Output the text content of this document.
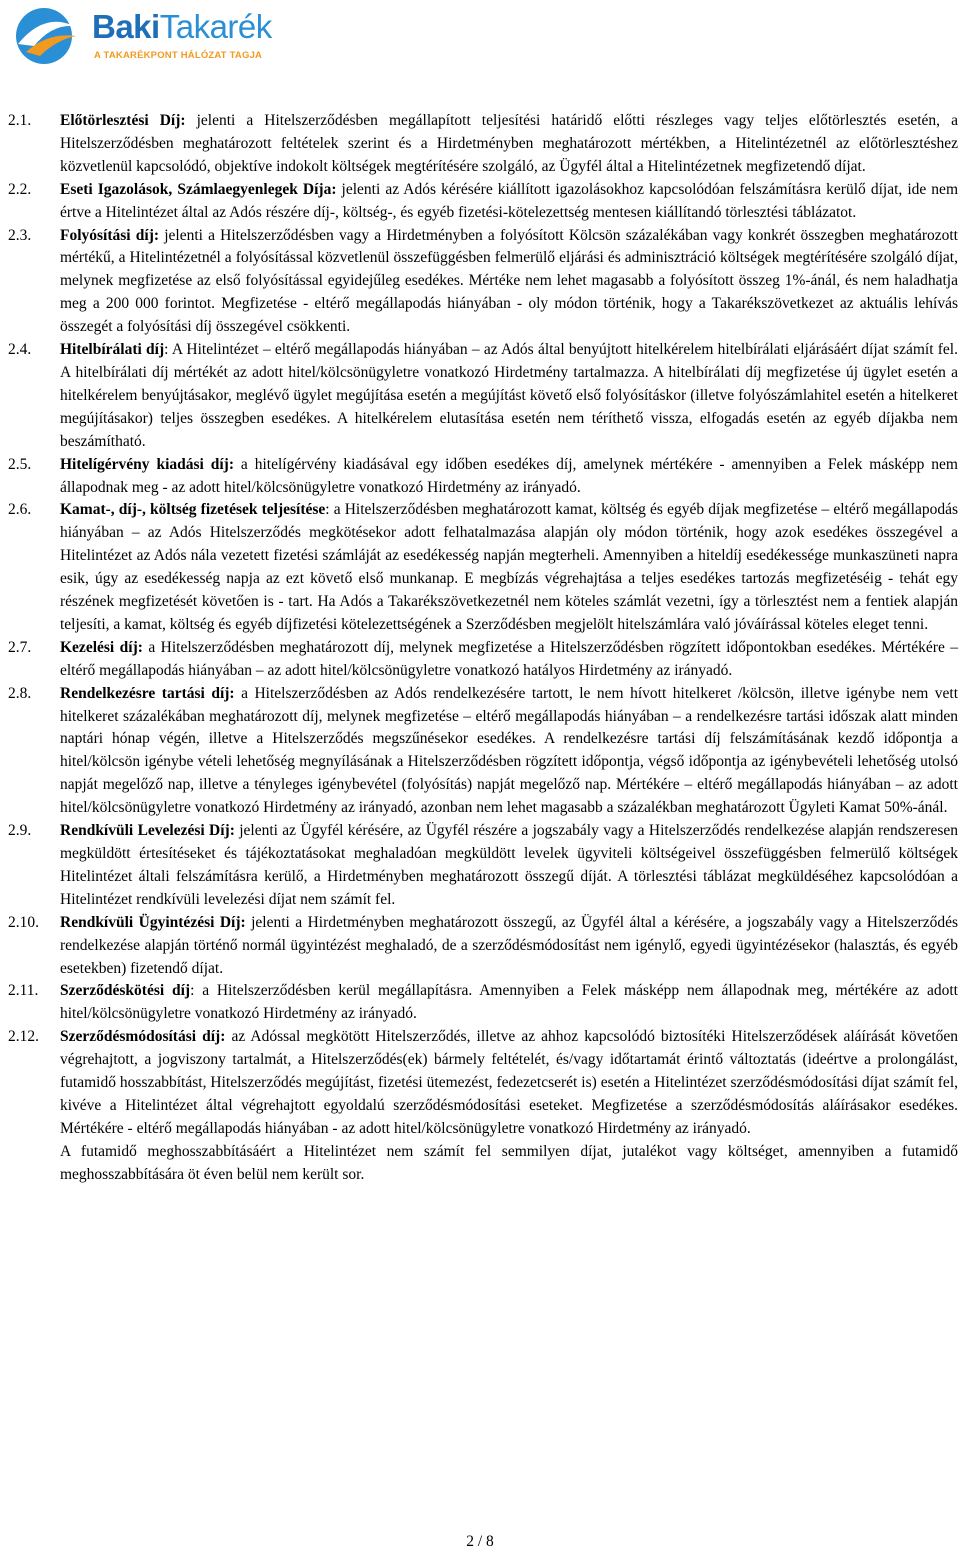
BakiTakarék
A TAKARÉKPONT HÁLÓZAT TAGJA
2.1.	Előtörlesztési Díj: jelenti a Hitelszerződésben megállapított teljesítési határidő előtti részleges vagy teljes előtörlesztés esetén, a Hitelszerződésben meghatározott feltételek szerint és a Hirdetményben meghatározott mértékben, a Hitelintézetnél az előtörlesztéshez közvetlenül kapcsolódó, objektíve indokolt költségek megtérítésére szolgáló, az Ügyfél által a Hitelintézetnek megfizetendő díjat.
2.2.	Eseti Igazolások, Számlaegyenlegek Díja: jelenti az Adós kérésére kiállított igazolásokhoz kapcsolódóan felszámításra kerülő díjat, ide nem értve a Hitelintézet által az Adós részére díj-, költség-, és egyéb fizetési-kötelezettség mentesen kiállítandó törlesztési táblázatot.
2.3.	Folyósítási díj: jelenti a Hitelszerződésben vagy a Hirdetményben a folyósított Kölcsön százalékában vagy konkrét összegben meghatározott mértékű, a Hitelintézetnél a folyósítással közvetlenül összefüggésben felmerülő eljárási és adminisztráció költségek megtérítésére szolgáló díjat, melynek megfizetése az első folyósítással egyidejűleg esedékes. Mértéke nem lehet magasabb a folyósított összeg 1%-ánál, és nem haladhatja meg a 200 000 forintot. Megfizetése - eltérő megállapodás hiányában - oly módon történik, hogy a Takarékszövetkezet az aktuális lehívás összegét a folyósítási díj összegével csökkenti.
2.4.	Hitelbírálati díj: A Hitelintézet – eltérő megállapodás hiányában – az Adós által benyújtott hitelkérelem hitelbírálati eljárásáért díjat számít fel. A hitelbírálati díj mértékét az adott hitel/kölcsönügyletre vonatkozó Hirdetmény tartalmazza. A hitelbírálati díj megfizetése új ügylet esetén a hitelkérelem benyújtásakor, meglévő ügylet megújítása esetén a megújítást követő első folyósításkor (illetve folyószámlahitel esetén a hitelkeret megújításakor) teljes összegben esedékes. A hitelkérelem elutasítása esetén nem téríthető vissza, elfogadás esetén az egyéb díjakba nem beszámítható.
2.5.	Hitelígérvény kiadási díj: a hitelígérvény kiadásával egy időben esedékes díj, amelynek mértékére - amennyiben a Felek másképp nem állapodnak meg - az adott hitel/kölcsönügyletre vonatkozó Hirdetmény az irányadó.
2.6.	Kamat-, díj-, költség fizetések teljesítése: a Hitelszerződésben meghatározott kamat, költség és egyéb díjak megfizetése – eltérő megállapodás hiányában – az Adós Hitelszerződés megkötésekor adott felhatalmazása alapján oly módon történik, hogy azok esedékes összegével a Hitelintézet az Adós nála vezetett fizetési számláját az esedékesség napján megterheli. Amennyiben a hiteldíj esedékessége munkaszüneti napra esik, úgy az esedékesség napja az ezt követő első munkanap. E megbízás végrehajtása a teljes esedékes tartozás megfizetéséig - tehát egy részének megfizetését követően is - tart. Ha Adós a Takarékszövetkezetnél nem köteles számlát vezetni, így a törlesztést nem a fentiek alapján teljesíti, a kamat, költség és egyéb díjfizetési kötelezettségének a Szerződésben megjelölt hitelszámlára való jóváírással köteles eleget tenni.
2.7.	Kezelési díj: a Hitelszerződésben meghatározott díj, melynek megfizetése a Hitelszerződésben rögzített időpontokban esedékes. Mértékére – eltérő megállapodás hiányában – az adott hitel/kölcsönügyletre vonatkozó hatályos Hirdetmény az irányadó.
2.8.	Rendelkezésre tartási díj: a Hitelszerződésben az Adós rendelkezésére tartott, le nem hívott hitelkeret /kölcsön, illetve igénybe nem vett hitelkeret százalékában meghatározott díj, melynek megfizetése – eltérő megállapodás hiányában – a rendelkezésre tartási időszak alatt minden naptári hónap végén, illetve a Hitelszerződés megszűnésekor esedékes. A rendelkezésre tartási díj felszámításának kezdő időpontja a hitel/kölcsön igénybe vételi lehetőség megnyílásának a Hitelszerződésben rögzített időpontja, végső időpontja az igénybevételi lehetőség utolsó napját megelőző nap, illetve a tényleges igénybevétel (folyósítás) napját megelőző nap. Mértékére – eltérő megállapodás hiányában – az adott hitel/kölcsönügyletre vonatkozó Hirdetmény az irányadó, azonban nem lehet magasabb a százalékban meghatározott Ügyleti Kamat 50%-ánál.
2.9.	Rendkívüli Levelezési Díj: jelenti az Ügyfél kérésére, az Ügyfél részére a jogszabály vagy a Hitelszerződés rendelkezése alapján rendszeresen megküldött értesítéseket és tájékoztatásokat meghaladóan megküldött levelek ügyviteli költségeivel összefüggésben felmerülő költségek Hitelintézet általi felszámításra kerülő, a Hirdetményben meghatározott összegű díját. A törlesztési táblázat megküldéséhez kapcsolódóan a Hitelintézet rendkívüli levelezési díjat nem számít fel.
2.10.	Rendkívüli Ügyintézési Díj: jelenti a Hirdetményben meghatározott összegű, az Ügyfél által a kérésére, a jogszabály vagy a Hitelszerződés rendelkezése alapján történő normál ügyintézést meghaladó, de a szerződésmódosítást nem igénylő, egyedi ügyintézésekor (halasztás, és egyéb esetekben) fizetendő díjat.
2.11.	Szerződéskötési díj: a Hitelszerződésben kerül megállapításra. Amennyiben a Felek másképp nem állapodnak meg, mértékére az adott hitel/kölcsönügyletre vonatkozó Hirdetmény az irányadó.
2.12.	Szerződésmódosítási díj: az Adóssal megkötött Hitelszerződés, illetve az ahhoz kapcsolódó biztosítéki Hitelszerződések aláírását követően végrehajtott, a jogviszony tartalmát, a Hitelszerződés(ek) bármely feltételét, és/vagy időtartamát érintő változtatás (ideértve a prolongálást, futamidő hosszabbítást, Hitelszerződés megújítást, fizetési ütemezést, fedezetcserét is) esetén a Hitelintézet szerződésmódosítási díjat számít fel, kivéve a Hitelintézet által végrehajtott egyoldalú szerződésmódosítási eseteket. Megfizetése a szerződésmódosítás aláírásakor esedékes. Mértékére - eltérő megállapodás hiányában - az adott hitel/kölcsönügyletre vonatkozó Hirdetmény az irányadó.
A futamidő meghosszabbításáért a Hitelintézet nem számít fel semmilyen díjat, jutalékot vagy költséget, amennyiben a futamidő meghosszabbítására öt éven belül nem került sor.
2 / 8
